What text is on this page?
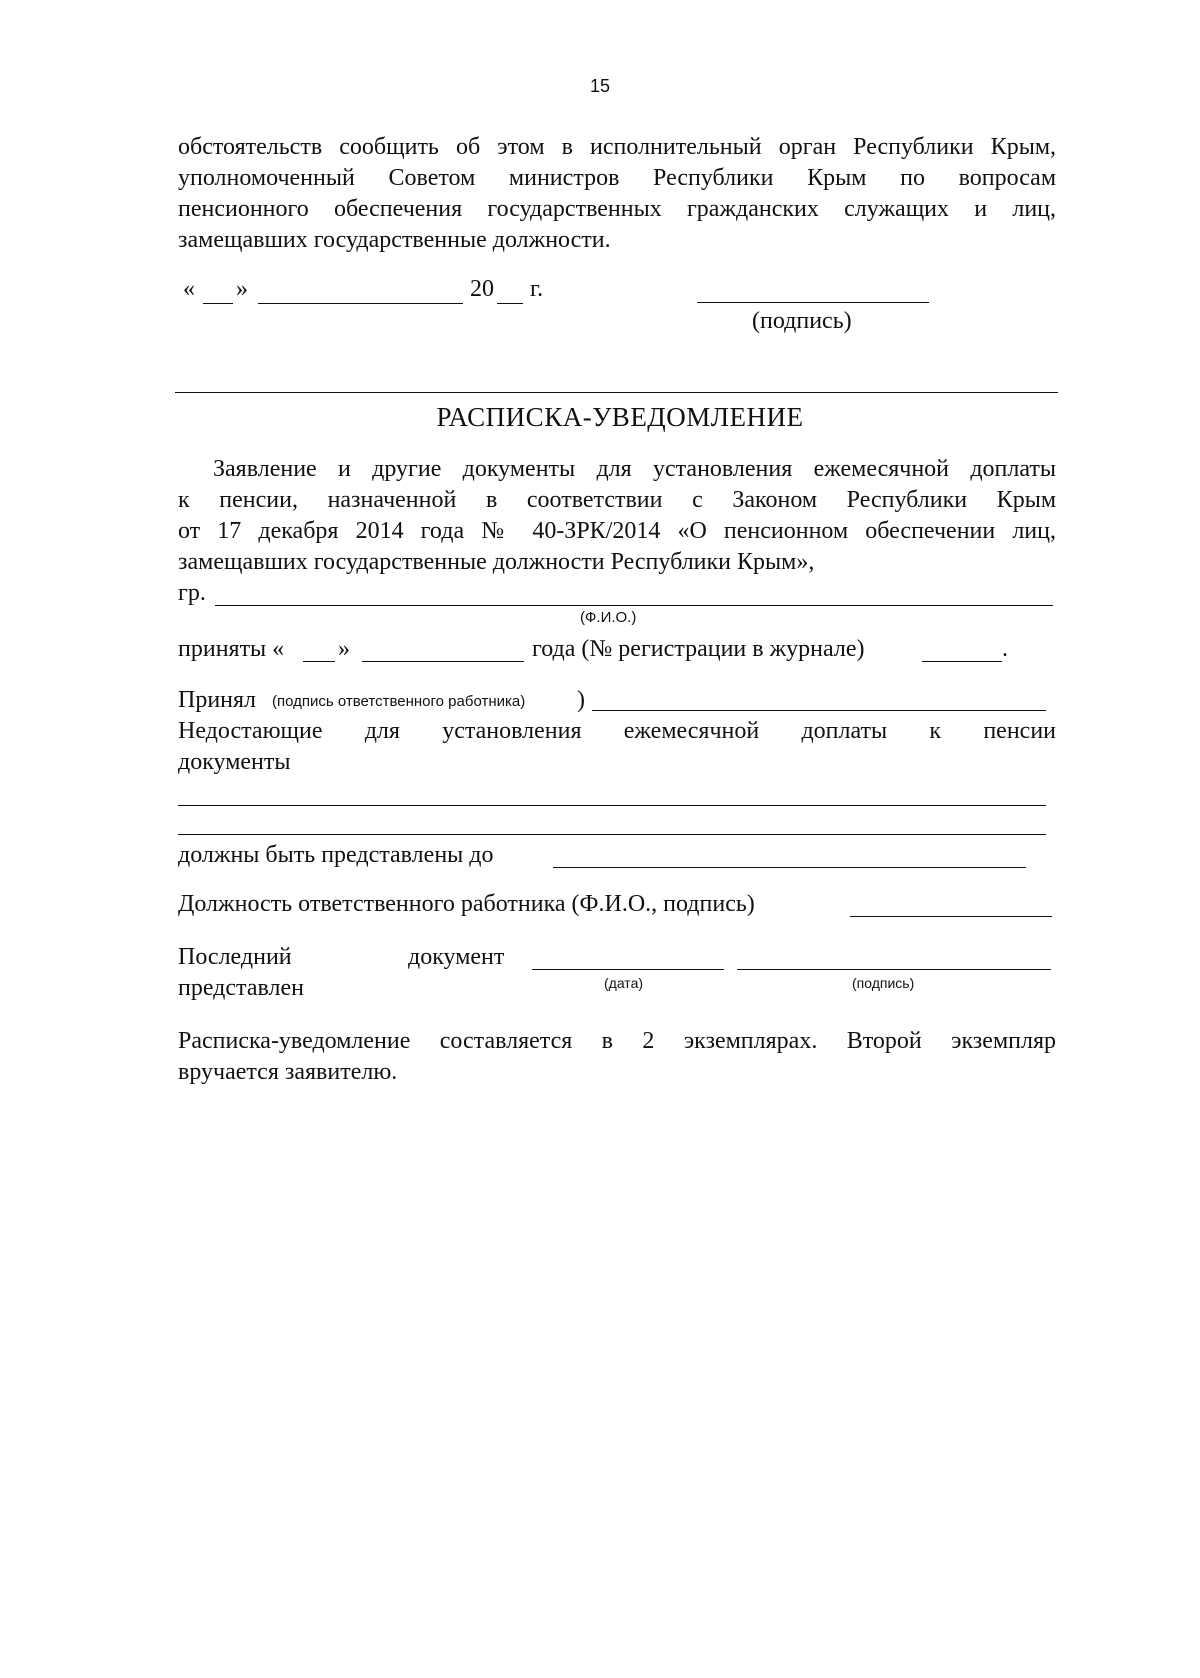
15
обстоятельств сообщить об этом в исполнительный орган Республики Крым,
уполномоченный Советом министров Республики Крым по вопросам
пенсионного обеспечения государственных гражданских служащих и лиц,
замещавших государственные должности.
« »	20 г.
(подпись)
РАСПИСКА-УВЕДОМЛЕНИЕ
Заявление и другие документы для установления ежемесячной доплаты
к пенсии, назначенной в соответствии с Законом Республики Крым
от 17 декабря 2014 года № 40-ЗРК/2014 «О пенсионном обеспечении лиц,
замещавших государственные должности Республики Крым»,
гр.
(Ф.И.О.)
приняты « »	года (№ регистрации в журнале)	.
Принял (подпись ответственного работника) )
Недостающие для установления ежемесячной доплаты к пенсии
документы
должны быть представлены до
Должность ответственного работника (Ф.И.О., подпись)
Последний	документ
представлен	(дата)	(подпись)
Расписка-уведомление составляется в 2 экземплярах. Второй экземпляр
вручается заявителю.
